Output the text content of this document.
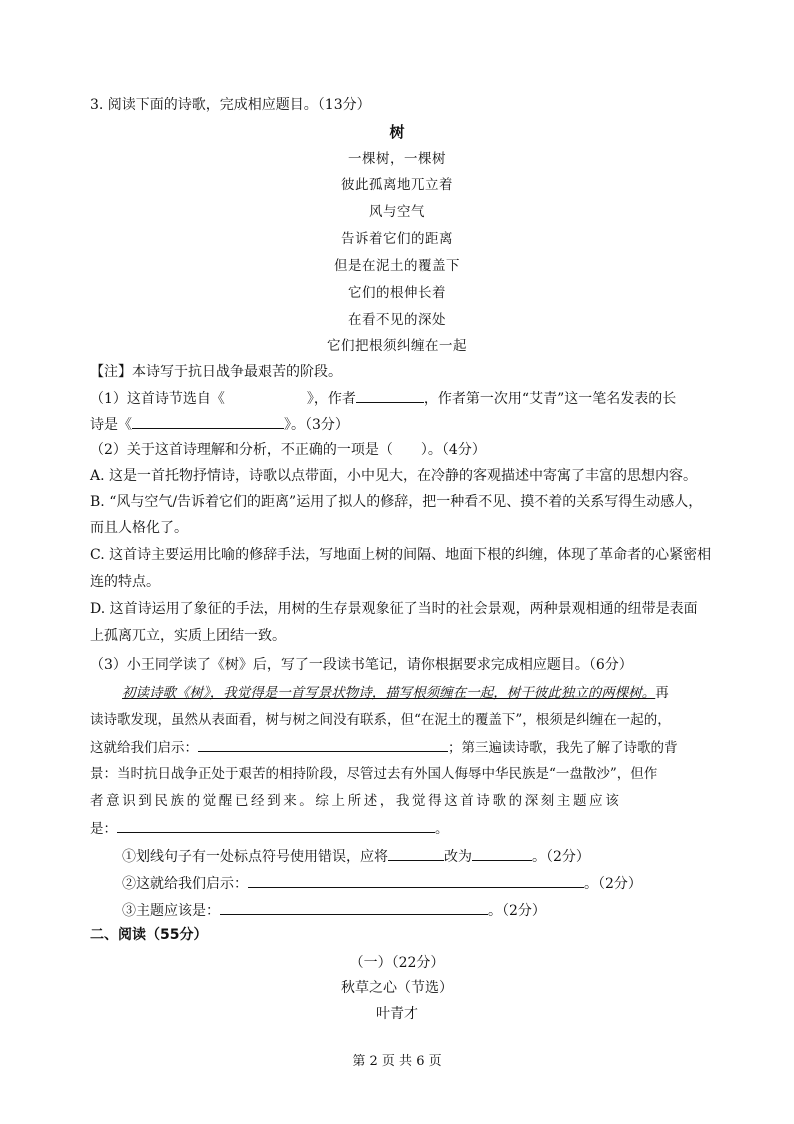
3. 阅读下面的诗歌，完成相应题目。（13分）
树
一棵树，一棵树
彼此孤离地兀立着
风与空气
告诉着它们的距离
但是在泥土的覆盖下
它们的根伸长着
在看不见的深处
它们把根须纠缠在一起
【注】本诗写于抗日战争最艰苦的阶段。
（1）这首诗节选自《	》，作者	，作者第一次用“艾青”这一笔名发表的长
诗是《	》。（3分）
（2）关于这首诗理解和分析，不正确的一项是（　　）。（4分）
A. 这是一首托物抒情诗，诗歌以点带面，小中见大，在冷静的客观描述中寄寓了丰富的思想内容。
B. “风与空气/告诉着它们的距离”运用了拟人的修辞，把一种看不见、摸不着的关系写得生动感人，
而且人格化了。
C. 这首诗主要运用比喻的修辞手法，写地面上树的间隔、地面下根的纠缠，体现了革命者的心紧密相
连的特点。
D. 这首诗运用了象征的手法，用树的生存景观象征了当时的社会景观，两种景观相通的纽带是表面
上孤离兀立，实质上团结一致。
（3）小王同学读了《树》后，写了一段读书笔记，请你根据要求完成相应题目。（6分）
初读诗歌《树》，我觉得是一首写景状物诗，描写根须缠在一起，树干彼此独立的两棵树。再
读诗歌发现，虽然从表面看，树与树之间没有联系，但“在泥土的覆盖下”，根须是纠缠在一起的，
这就给我们启示：	；第三遍读诗歌，我先了解了诗歌的背
景：当时抗日战争正处于艰苦的相持阶段，尽管过去有外国人侮辱中华民族是“一盘散沙”，但作
者意识到民族的觉醒已经到来。综上所述，我觉得这首诗歌的深刻主题应该
是：	。
①划线句子有一处标点符号使用错误，应将	改为	。（2分）
②这就给我们启示：	。（2分）
③主题应该是：	。（2分）
二、阅读（55分）
（一）（22分）
秋草之心（节选）
叶青才
第 2 页 共 6 页
